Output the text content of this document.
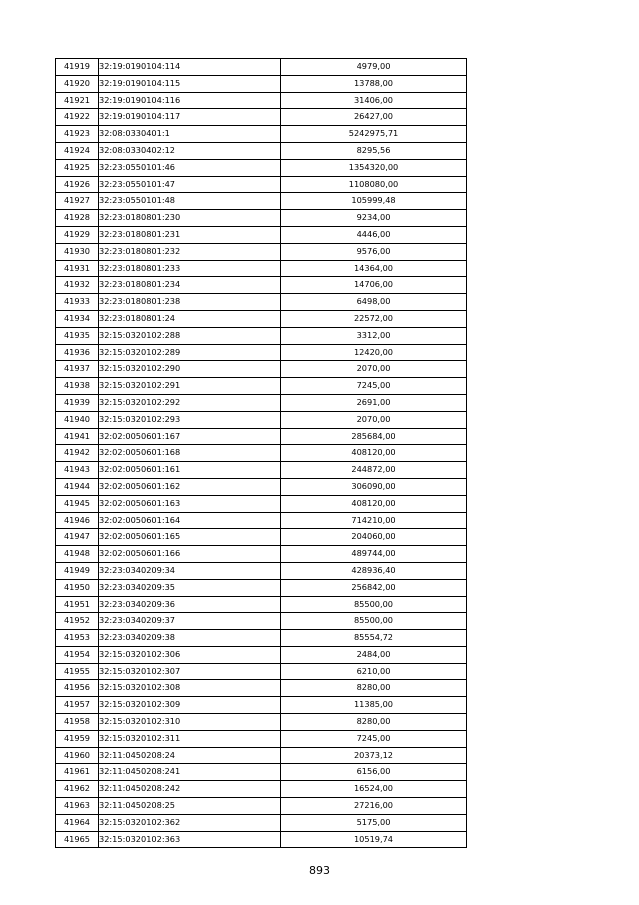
41919	32:19:0190104:114	4979,00
41920	32:19:0190104:115	13788,00
41921	32:19:0190104:116	31406,00
41922	32:19:0190104:117	26427,00
41923	32:08:0330401:1	5242975,71
41924	32:08:0330402:12	8295,56
41925	32:23:0550101:46	1354320,00
41926	32:23:0550101:47	1108080,00
41927	32:23:0550101:48	105999,48
41928	32:23:0180801:230	9234,00
41929	32:23:0180801:231	4446,00
41930	32:23:0180801:232	9576,00
41931	32:23:0180801:233	14364,00
41932	32:23:0180801:234	14706,00
41933	32:23:0180801:238	6498,00
41934	32:23:0180801:24	22572,00
41935	32:15:0320102:288	3312,00
41936	32:15:0320102:289	12420,00
41937	32:15:0320102:290	2070,00
41938	32:15:0320102:291	7245,00
41939	32:15:0320102:292	2691,00
41940	32:15:0320102:293	2070,00
41941	32:02:0050601:167	285684,00
41942	32:02:0050601:168	408120,00
41943	32:02:0050601:161	244872,00
41944	32:02:0050601:162	306090,00
41945	32:02:0050601:163	408120,00
41946	32:02:0050601:164	714210,00
41947	32:02:0050601:165	204060,00
41948	32:02:0050601:166	489744,00
41949	32:23:0340209:34	428936,40
41950	32:23:0340209:35	256842,00
41951	32:23:0340209:36	85500,00
41952	32:23:0340209:37	85500,00
41953	32:23:0340209:38	85554,72
41954	32:15:0320102:306	2484,00
41955	32:15:0320102:307	6210,00
41956	32:15:0320102:308	8280,00
41957	32:15:0320102:309	11385,00
41958	32:15:0320102:310	8280,00
41959	32:15:0320102:311	7245,00
41960	32:11:0450208:24	20373,12
41961	32:11:0450208:241	6156,00
41962	32:11:0450208:242	16524,00
41963	32:11:0450208:25	27216,00
41964	32:15:0320102:362	5175,00
41965	32:15:0320102:363	10519,74
893
